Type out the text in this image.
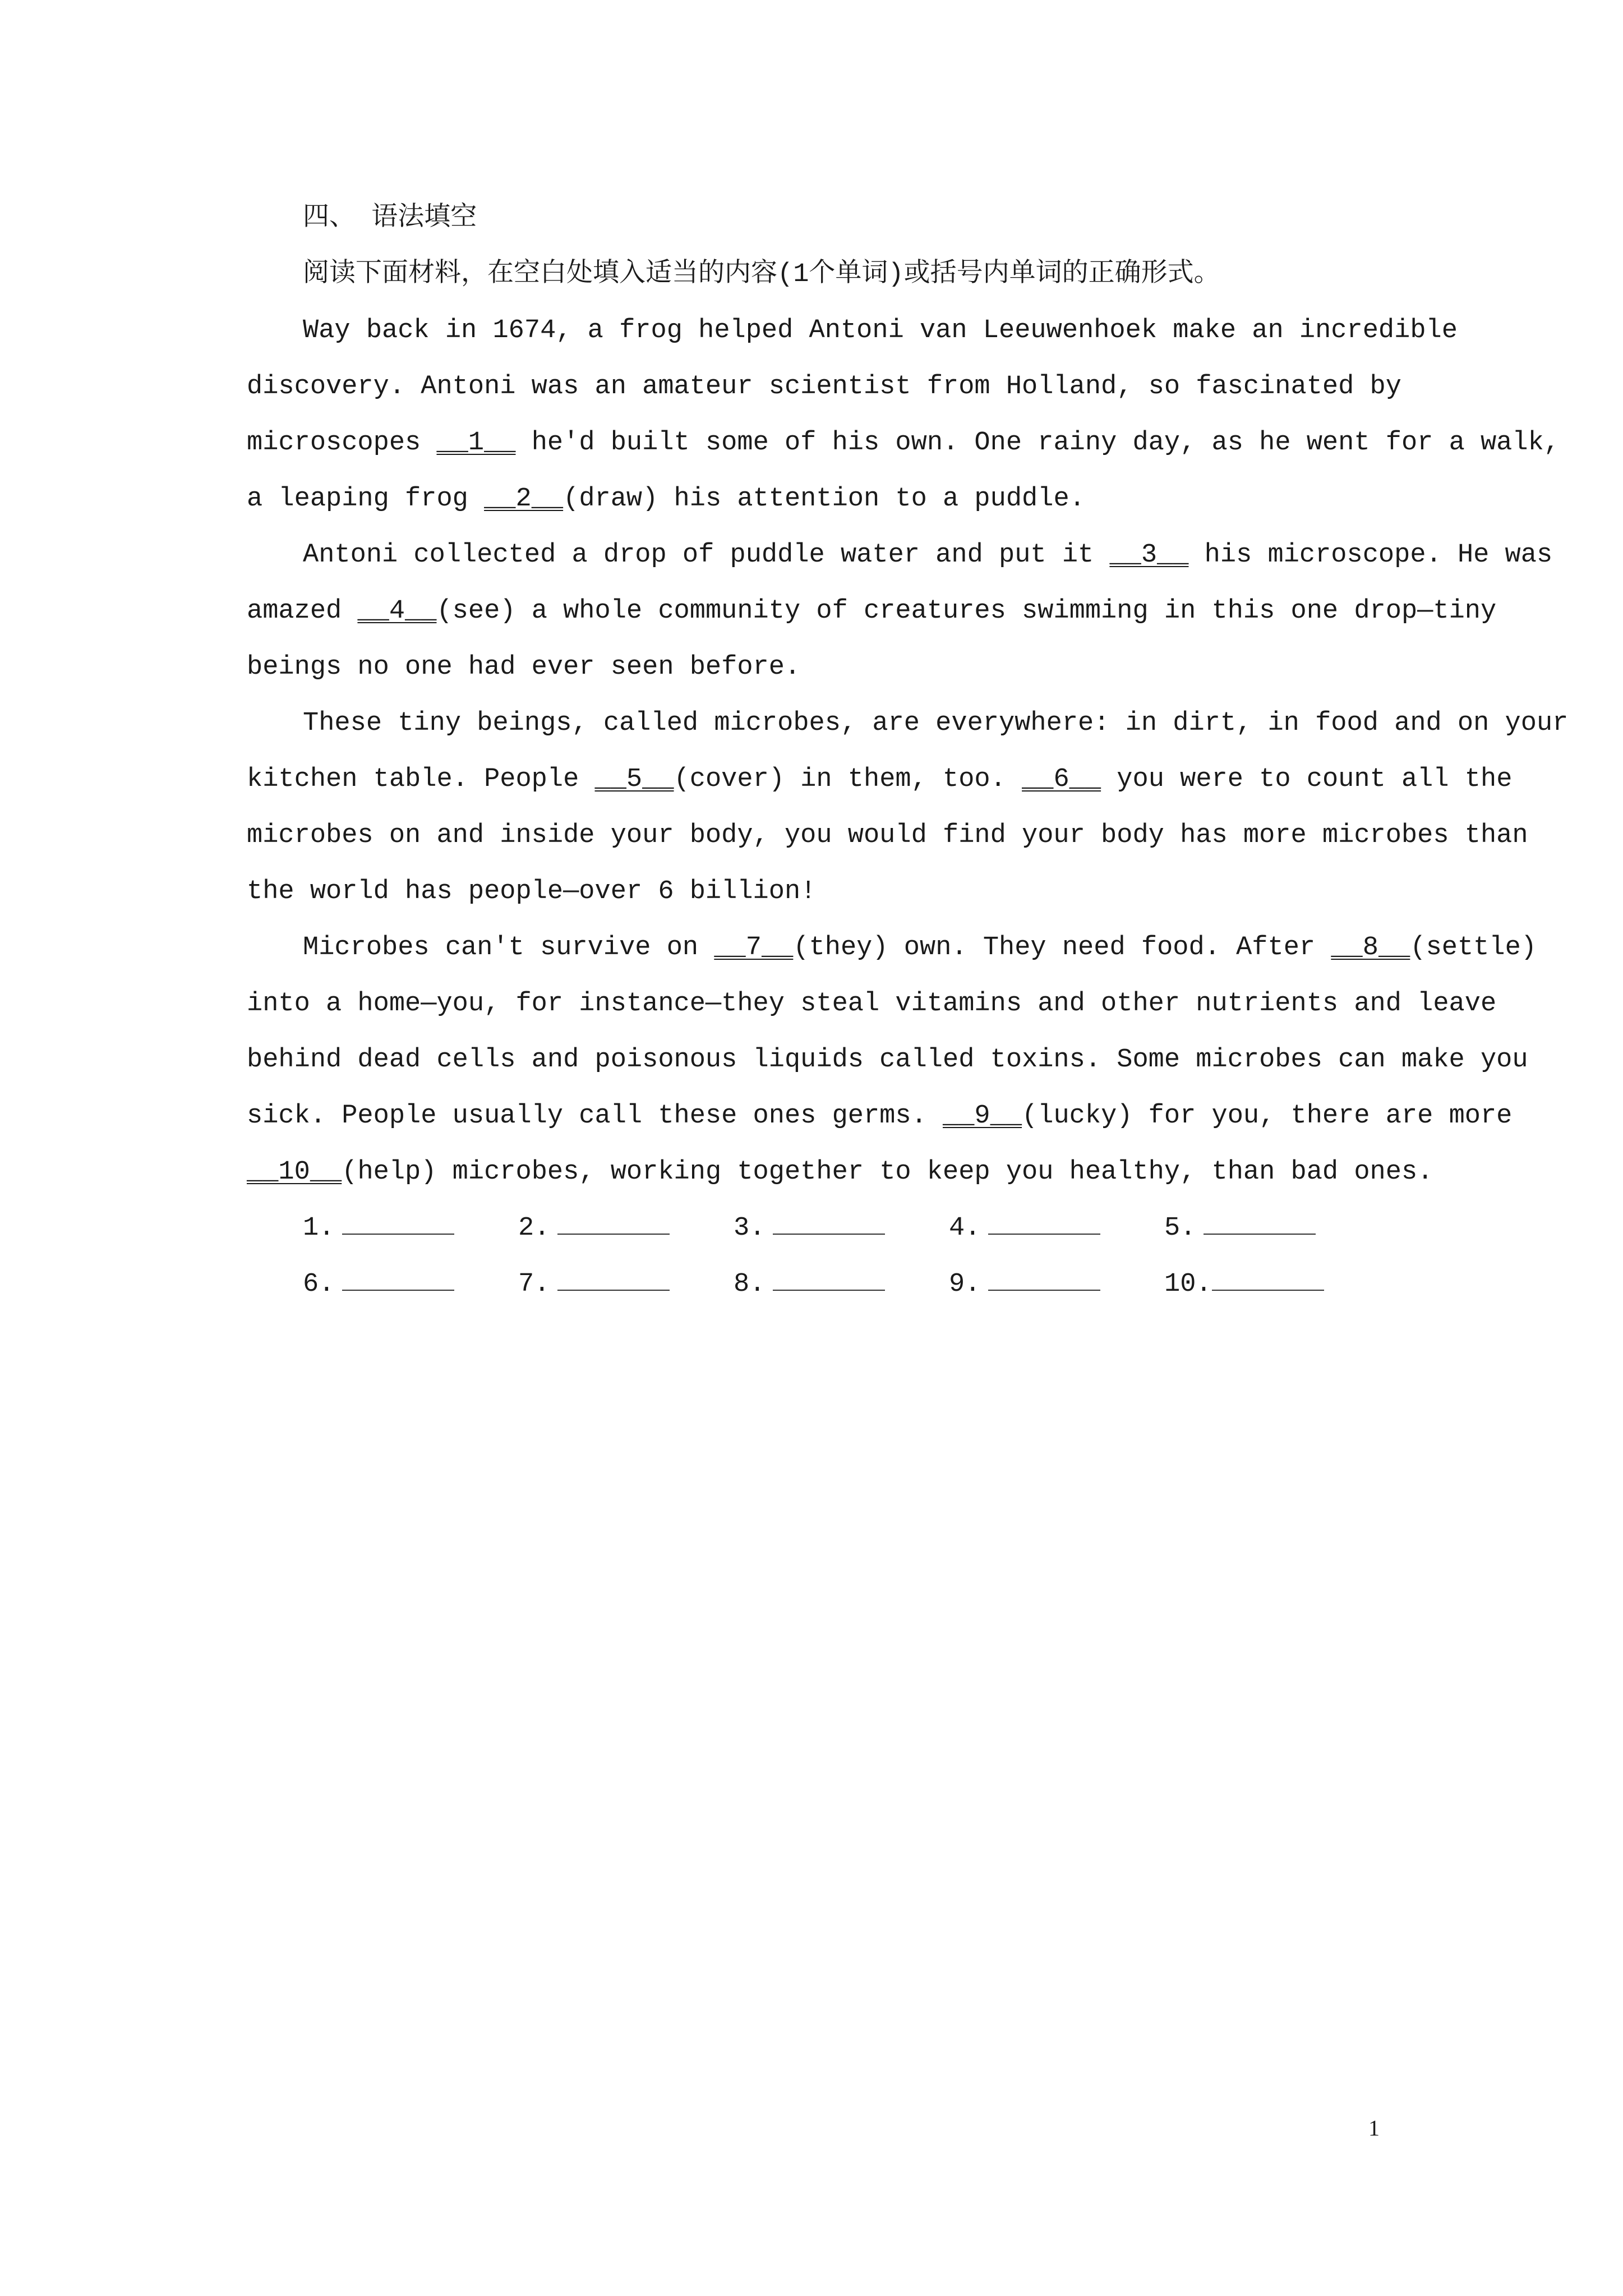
四、 语法填空
阅读下面材料，在空白处填入适当的内容(1个单词)或括号内单词的正确形式。
Way back in 1674, a frog helped Antoni van Leeuwenhoek make an incredible
discovery. Antoni was an amateur scientist from Holland, so fascinated by
microscopes __1__ he'd built some of his own. One rainy day, as he went for a walk,
a leaping frog __2__(draw) his attention to a puddle.
Antoni collected a drop of puddle water and put it __3__ his microscope. He was
amazed __4__(see) a whole community of creatures swimming in this one drop—tiny
beings no one had ever seen before.
These tiny beings, called microbes, are everywhere: in dirt, in food and on your
kitchen table. People __5__(cover) in them, too. __6__ you were to count all the
microbes on and inside your body, you would find your body has more microbes than
the world has people—over 6 billion!
Microbes can't survive on __7__(they) own. They need food. After __8__(settle)
into a home—you, for instance—they steal vitamins and other nutrients and leave
behind dead cells and poisonous liquids called toxins. Some microbes can make you
sick. People usually call these ones germs. __9__(lucky) for you, there are more
__10__(help) microbes, working together to keep you healthy, than bad ones.
1.	2.	3.	4.	5.
6.	7.	8.	9.	10.
1
